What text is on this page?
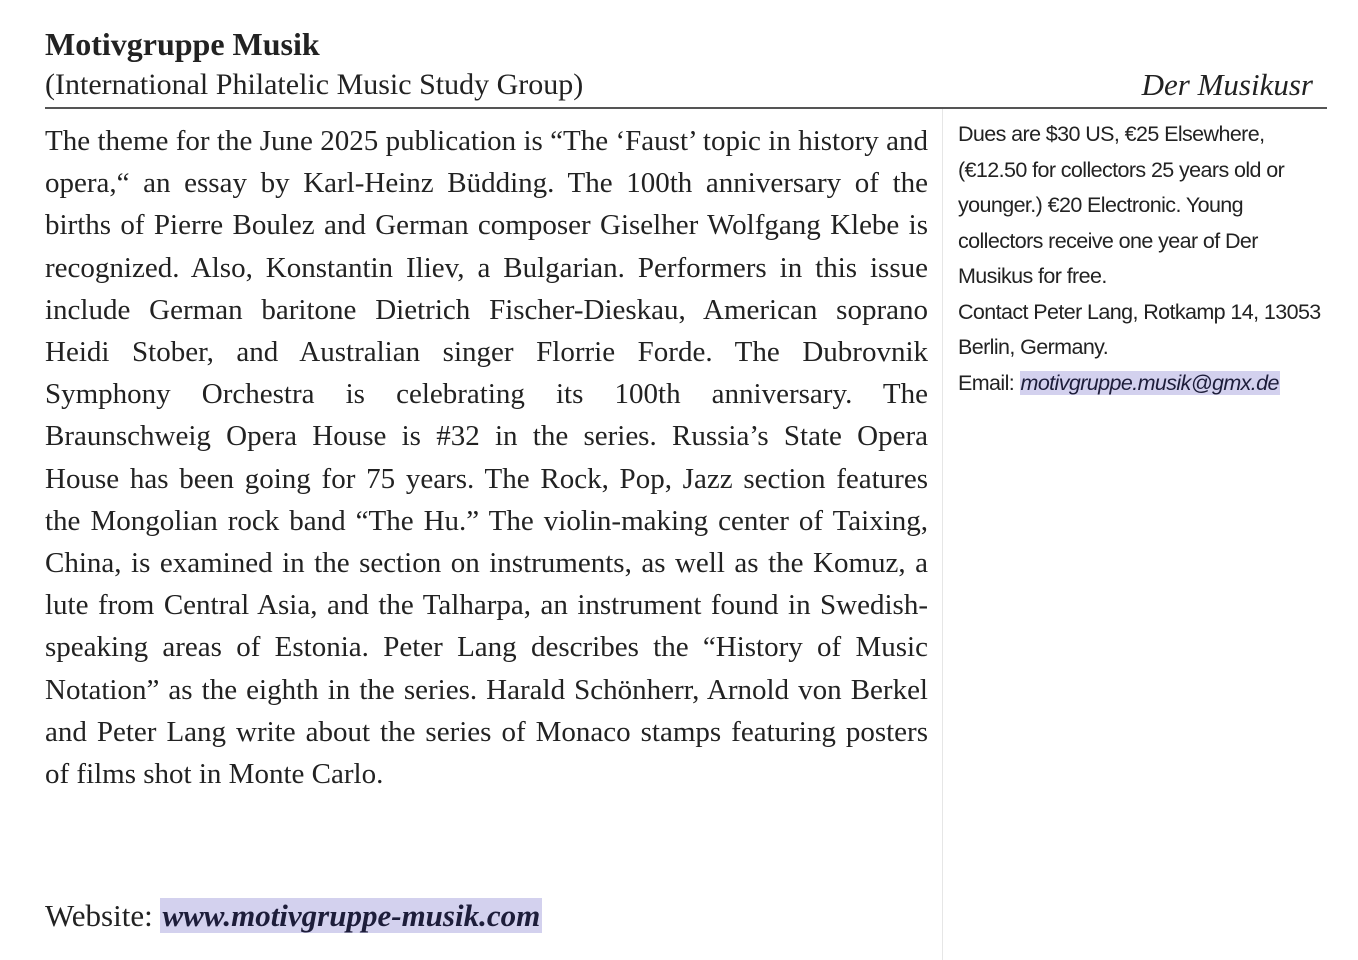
Motivgruppe Musik
(International Philatelic Music Study Group)	Der Musikusr

The theme for the June 2025 publication is “The ‘Faust’ topic in history and opera,“ an essay by Karl-Heinz Büdding. The 100th anniversary of the births of Pierre Boulez and German composer Giselher Wolfgang Klebe is recognized. Also, Konstantin Iliev, a Bulgarian. Performers in this issue include German baritone Dietrich Fischer-Dieskau, American soprano Heidi Stober, and Australian singer Florrie Forde. The Dubrovnik Symphony Orchestra is celebrating its 100th anniversary. The Braunschweig Opera House is #32 in the series. Russia’s State Opera House has been going for 75 years. The Rock, Pop, Jazz section features the Mongolian rock band “The Hu.” The violin-making center of Taixing, China, is examined in the section on instruments, as well as the Komuz, a lute from Central Asia, and the Talharpa, an instrument found in Swedish-speaking areas of Estonia. Peter Lang describes the “History of Music Notation” as the eighth in the series. Harald Schönherr, Arnold von Berkel and Peter Lang write about the series of Monaco stamps featuring posters of films shot in Monte Carlo.

Website: www.motivgruppe-musik.com

Dues are $30 US, €25 Elsewhere, (€12.50 for collectors 25 years old or younger.) €20 Electronic. Young collectors receive one year of Der Musikus for free.

Contact Peter Lang, Rotkamp 14, 13053 Berlin, Germany.

Email: motivgruppe.musik@gmx.de
